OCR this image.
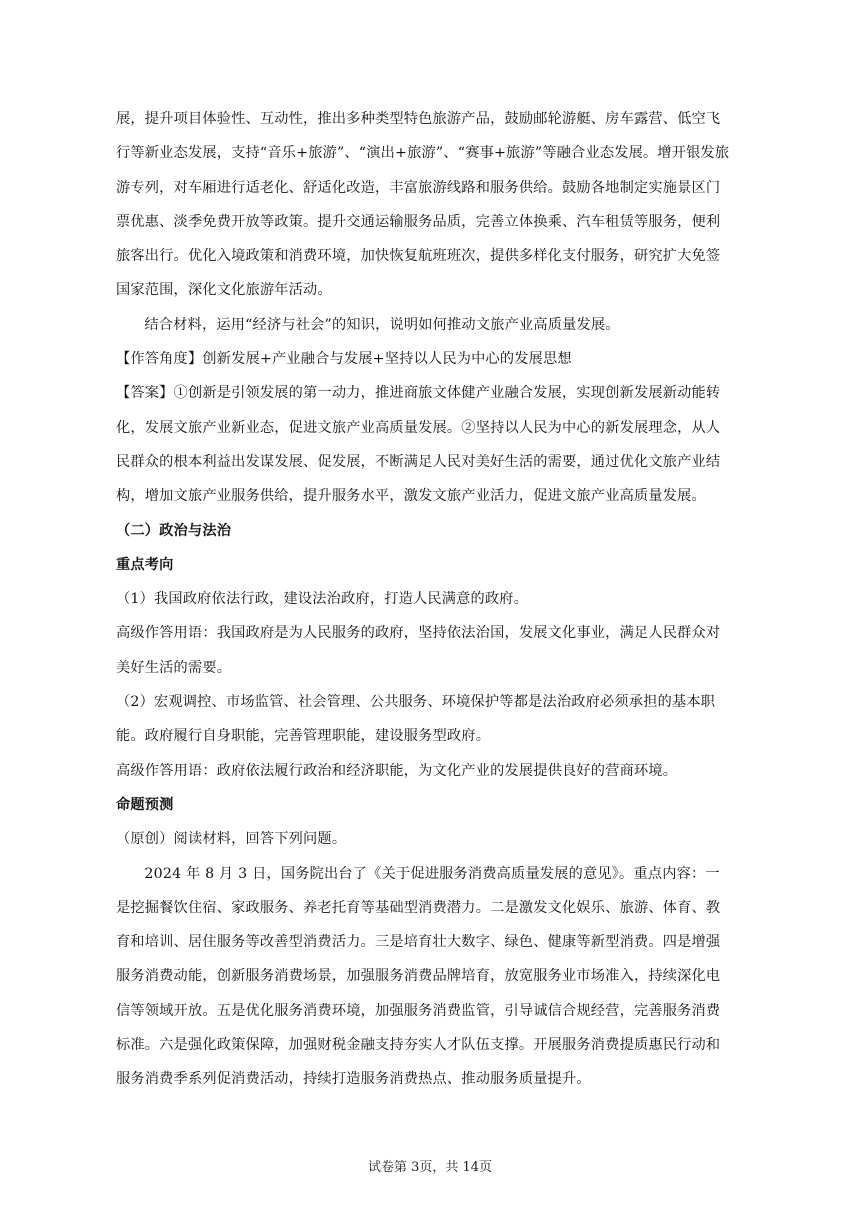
展，提升项目体验性、互动性，推出多种类型特色旅游产品，鼓励邮轮游艇、房车露营、低空飞行等新业态发展，支持“音乐+旅游”、“演出+旅游”、“赛事+旅游”等融合业态发展。增开银发旅游专列，对车厢进行适老化、舒适化改造，丰富旅游线路和服务供给。鼓励各地制定实施景区门票优惠、淡季免费开放等政策。提升交通运输服务品质，完善立体换乘、汽车租赁等服务，便利旅客出行。优化入境政策和消费环境，加快恢复航班班次，提供多样化支付服务，研究扩大免签国家范围，深化文化旅游年活动。

结合材料，运用“经济与社会”的知识，说明如何推动文旅产业高质量发展。

【作答角度】创新发展+产业融合与发展+坚持以人民为中心的发展思想

【答案】①创新是引领发展的第一动力，推进商旅文体健产业融合发展，实现创新发展新动能转化，发展文旅产业新业态，促进文旅产业高质量发展。②坚持以人民为中心的新发展理念，从人民群众的根本利益出发谋发展、促发展，不断满足人民对美好生活的需要，通过优化文旅产业结构，增加文旅产业服务供给，提升服务水平，激发文旅产业活力，促进文旅产业高质量发展。

（二）政治与法治

重点考向

（1）我国政府依法行政，建设法治政府，打造人民满意的政府。

高级作答用语：我国政府是为人民服务的政府，坚持依法治国，发展文化事业，满足人民群众对美好生活的需要。

（2）宏观调控、市场监管、社会管理、公共服务、环境保护等都是法治政府必须承担的基本职能。政府履行自身职能，完善管理职能，建设服务型政府。

高级作答用语：政府依法履行政治和经济职能，为文化产业的发展提供良好的营商环境。

命题预测

（原创）阅读材料，回答下列问题。

2024 年 8 月 3 日，国务院出台了《关于促进服务消费高质量发展的意见》。重点内容：一是挖掘餐饮住宿、家政服务、养老托育等基础型消费潜力。二是激发文化娱乐、旅游、体育、教育和培训、居住服务等改善型消费活力。三是培育壮大数字、绿色、健康等新型消费。四是增强服务消费动能，创新服务消费场景，加强服务消费品牌培育，放宽服务业市场准入，持续深化电信等领域开放。五是优化服务消费环境，加强服务消费监管，引导诚信合规经营，完善服务消费标准。六是强化政策保障，加强财税金融支持夯实人才队伍支撑。开展服务消费提质惠民行动和服务消费季系列促消费活动，持续打造服务消费热点、推动服务质量提升。

试卷第 3页，共 14页
